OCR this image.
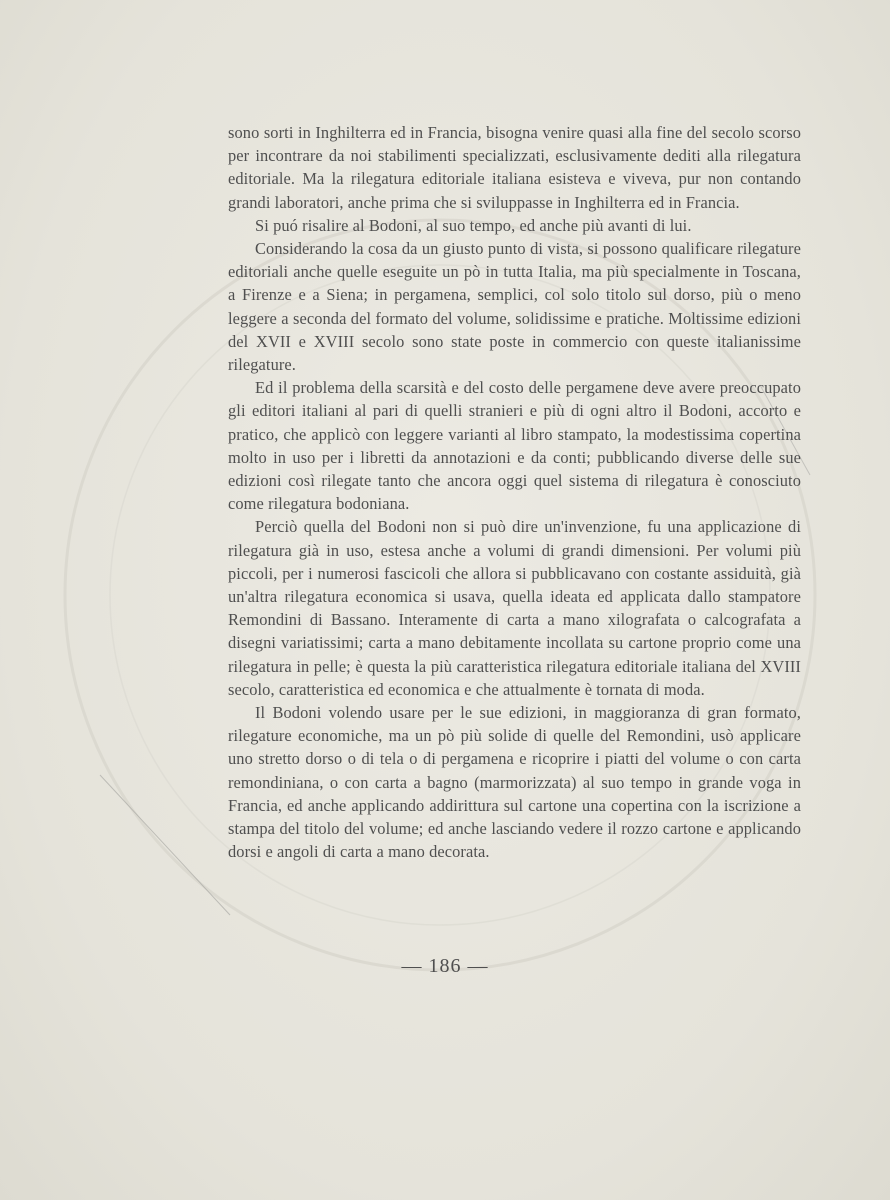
sono sorti in Inghilterra ed in Francia, bisogna venire quasi alla fine del secolo scorso per incontrare da noi stabilimenti specializzati, esclusivamente dediti alla rilegatura editoriale. Ma la rilegatura editoriale italiana esisteva e viveva, pur non contando grandi laboratori, anche prima che si sviluppasse in Inghilterra ed in Francia.

Si puó risalire al Bodoni, al suo tempo, ed anche più avanti di lui.

Considerando la cosa da un giusto punto di vista, si possono qualificare rilegature editoriali anche quelle eseguite un pò in tutta Italia, ma più specialmente in Toscana, a Firenze e a Siena; in pergamena, semplici, col solo titolo sul dorso, più o meno leggere a seconda del formato del volume, solidissime e pratiche. Moltissime edizioni del XVII e XVIII secolo sono state poste in commercio con queste italianissime rilegature.

Ed il problema della scarsità e del costo delle pergamene deve avere preoccupato gli editori italiani al pari di quelli stranieri e più di ogni altro il Bodoni, accorto e pratico, che applicò con leggere varianti al libro stampato, la modestissima copertina molto in uso per i libretti da annotazioni e da conti; pubblicando diverse delle sue edizioni così rilegate tanto che ancora oggi quel sistema di rilegatura è conosciuto come rilegatura bodoniana.

Perciò quella del Bodoni non si può dire un'invenzione, fu una applicazione di rilegatura già in uso, estesa anche a volumi di grandi dimensioni. Per volumi più piccoli, per i numerosi fascicoli che allora si pubblicavano con costante assiduità, già un'altra rilegatura economica si usava, quella ideata ed applicata dallo stampatore Remondini di Bassano. Interamente di carta a mano xilografata o calcografata a disegni variatissimi; carta a mano debitamente incollata su cartone proprio come una rilegatura in pelle; è questa la più caratteristica rilegatura editoriale italiana del XVIII secolo, caratteristica ed economica e che attualmente è tornata di moda.

Il Bodoni volendo usare per le sue edizioni, in maggioranza di gran formato, rilegature economiche, ma un pò più solide di quelle del Remondini, usò applicare uno stretto dorso o di tela o di pergamena e ricoprire i piatti del volume o con carta remondiniana, o con carta a bagno (marmorizzata) al suo tempo in grande voga in Francia, ed anche applicando addirittura sul cartone una copertina con la iscrizione a stampa del titolo del volume; ed anche lasciando vedere il rozzo cartone e applicando dorsi e angoli di carta a mano decorata.

— 186 —
